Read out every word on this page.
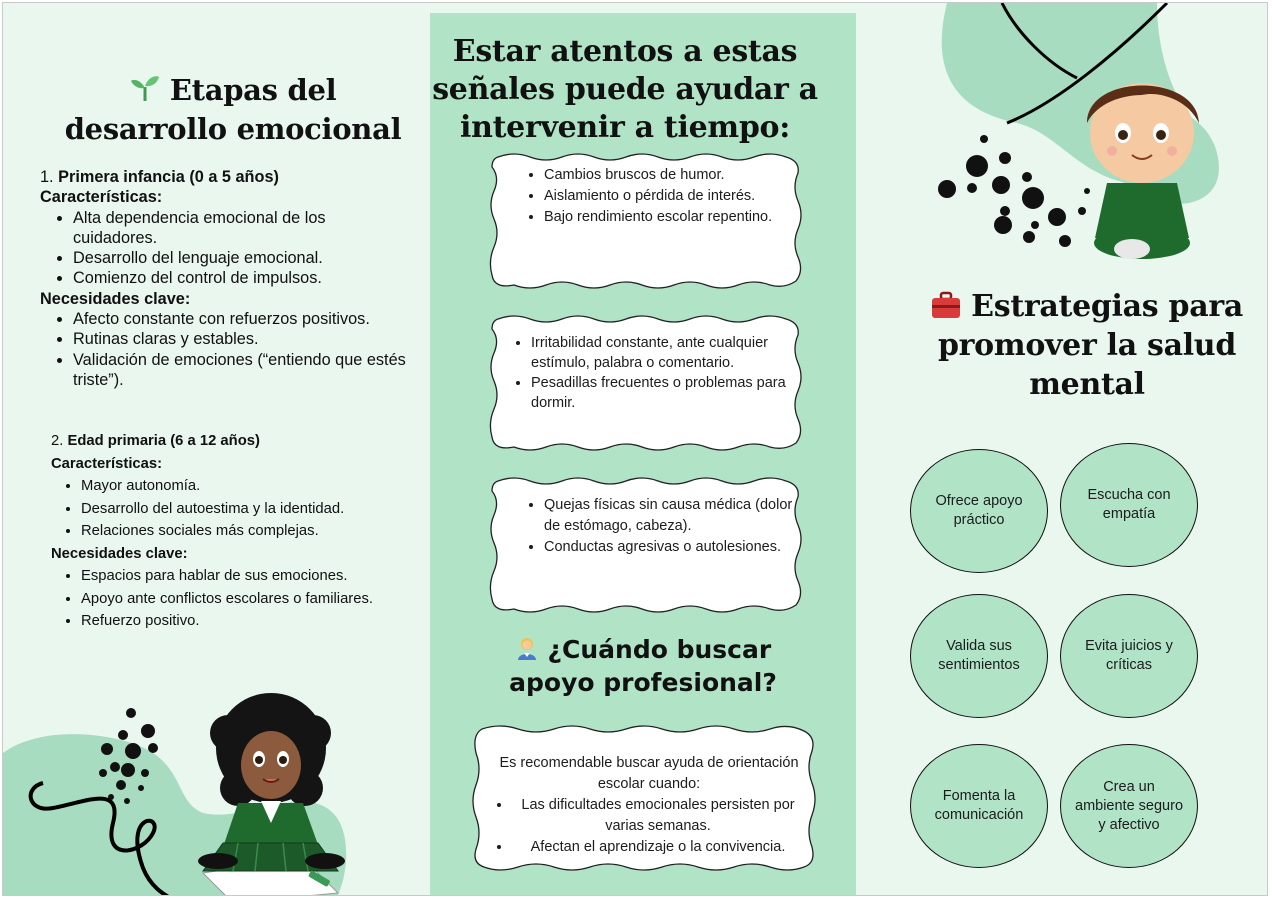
Etapas del
desarrollo emocional
1. Primera infancia (0 a 5 años)
Características:
• Alta dependencia emocional de los cuidadores.
• Desarrollo del lenguaje emocional.
• Comienzo del control de impulsos.
Necesidades clave:
• Afecto constante con refuerzos positivos.
• Rutinas claras y estables.
• Validación de emociones (“entiendo que estés triste”).
2. Edad primaria (6 a 12 años)
Características:
• Mayor autonomía.
• Desarrollo del autoestima y la identidad.
• Relaciones sociales más complejas.
Necesidades clave:
• Espacios para hablar de sus emociones.
• Apoyo ante conflictos escolares o familiares.
• Refuerzo positivo.
Estar atentos a estas
señales puede ayudar a
intervenir a tiempo:
• Cambios bruscos de humor.
• Aislamiento o pérdida de interés.
• Bajo rendimiento escolar repentino.
• Irritabilidad constante, ante cualquier estímulo, palabra o comentario.
• Pesadillas frecuentes o problemas para dormir.
• Quejas físicas sin causa médica (dolor de estómago, cabeza).
• Conductas agresivas o autolesiones.
¿Cuándo buscar
apoyo profesional?
Es recomendable buscar ayuda de orientación escolar cuando:
• Las dificultades emocionales persisten por varias semanas.
• Afectan el aprendizaje o la convivencia.
Estrategias para
promover la salud
mental
Ofrece apoyo práctico
Escucha con empatía
Valida sus sentimientos
Evita juicios y críticas
Fomenta la comunicación
Crea un ambiente seguro y afectivo
